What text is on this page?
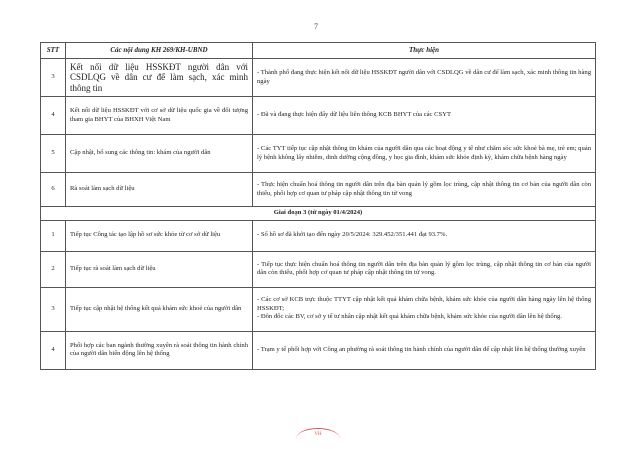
7
STT	Các nội dung KH 269/KH-UBND	Thực hiện
3	Kết nối dữ liệu HSSKĐT người dân với CSDLQG về dân cư để làm sạch, xác minh thông tin	- Thành phố đang thực hiện kết nối dữ liệu HSSKĐT người dân với CSDLQG về dân cư để làm sạch, xác minh thông tin hàng ngày
4	Kết nối dữ liệu HSSKĐT với cơ sở dữ liệu quốc gia về đối tượng tham gia BHYT của BHXH Việt Nam	- Đã và đang thực hiện đẩy dữ liệu liên thông KCB BHYT của các CSYT
5	Cập nhật, bổ sung các thông tin: khám của người dân	- Các TYT tiếp tục cập nhật thông tin khám của người dân qua các hoạt động y tế như chăm sóc sức khoẻ bà mẹ, trẻ em; quản lý bệnh không lây nhiễm, dinh dưỡng cộng đồng, y học gia đình, khám sức khỏe định kỳ, khám chữa bệnh hàng ngày
6	Rà soát làm sạch dữ liệu	- Thực hiện chuẩn hoá thông tin người dân trên địa bàn quản lý gồm lọc trùng, cập nhật thông tin cơ bản của người dân còn thiếu, phối hợp cơ quan tư pháp cập nhật thông tin tử vong
Giai đoạn 3 (từ ngày 01/4/2024)		
1	Tiếp tục Công tác tạo lập hồ sơ sức khỏe từ cơ sở dữ liệu	- Số hồ sơ đã khởi tạo đến ngày 20/5/2024: 329.452/351.441 đạt 93.7%.
2	Tiếp tục rà soát làm sạch dữ liệu	- Tiếp tục thực hiện chuẩn hoá thông tin người dân trên địa bàn quản lý gồm lọc trùng, cập nhật thông tin cơ bản của người dân còn thiếu, phối hợp cơ quan tư pháp cập nhật thông tin tử vong.
3	Tiếp tục cập nhật hệ thống kết quả khám sức khoẻ của người dân	- Các cơ sở KCB trực thuộc TTYT cập nhật kết quả khám chữa bệnh, khám sức khỏe của người dân hàng ngày lên hệ thống HSSKĐT;
- Đôn đốc các BV, cơ sở y tế tư nhân cập nhật kết quả khám chữa bệnh, khám sức khỏe của người dân lên hệ thống.

4	Phối hợp các ban ngành thường xuyên rà soát thông tin hành chính của người dân biến động lên hệ thống	- Trạm y tế phối hợp với Công an phường rà soát thông tin hành chính của người dân để cập nhật lên hệ thống thường xuyên
VH
